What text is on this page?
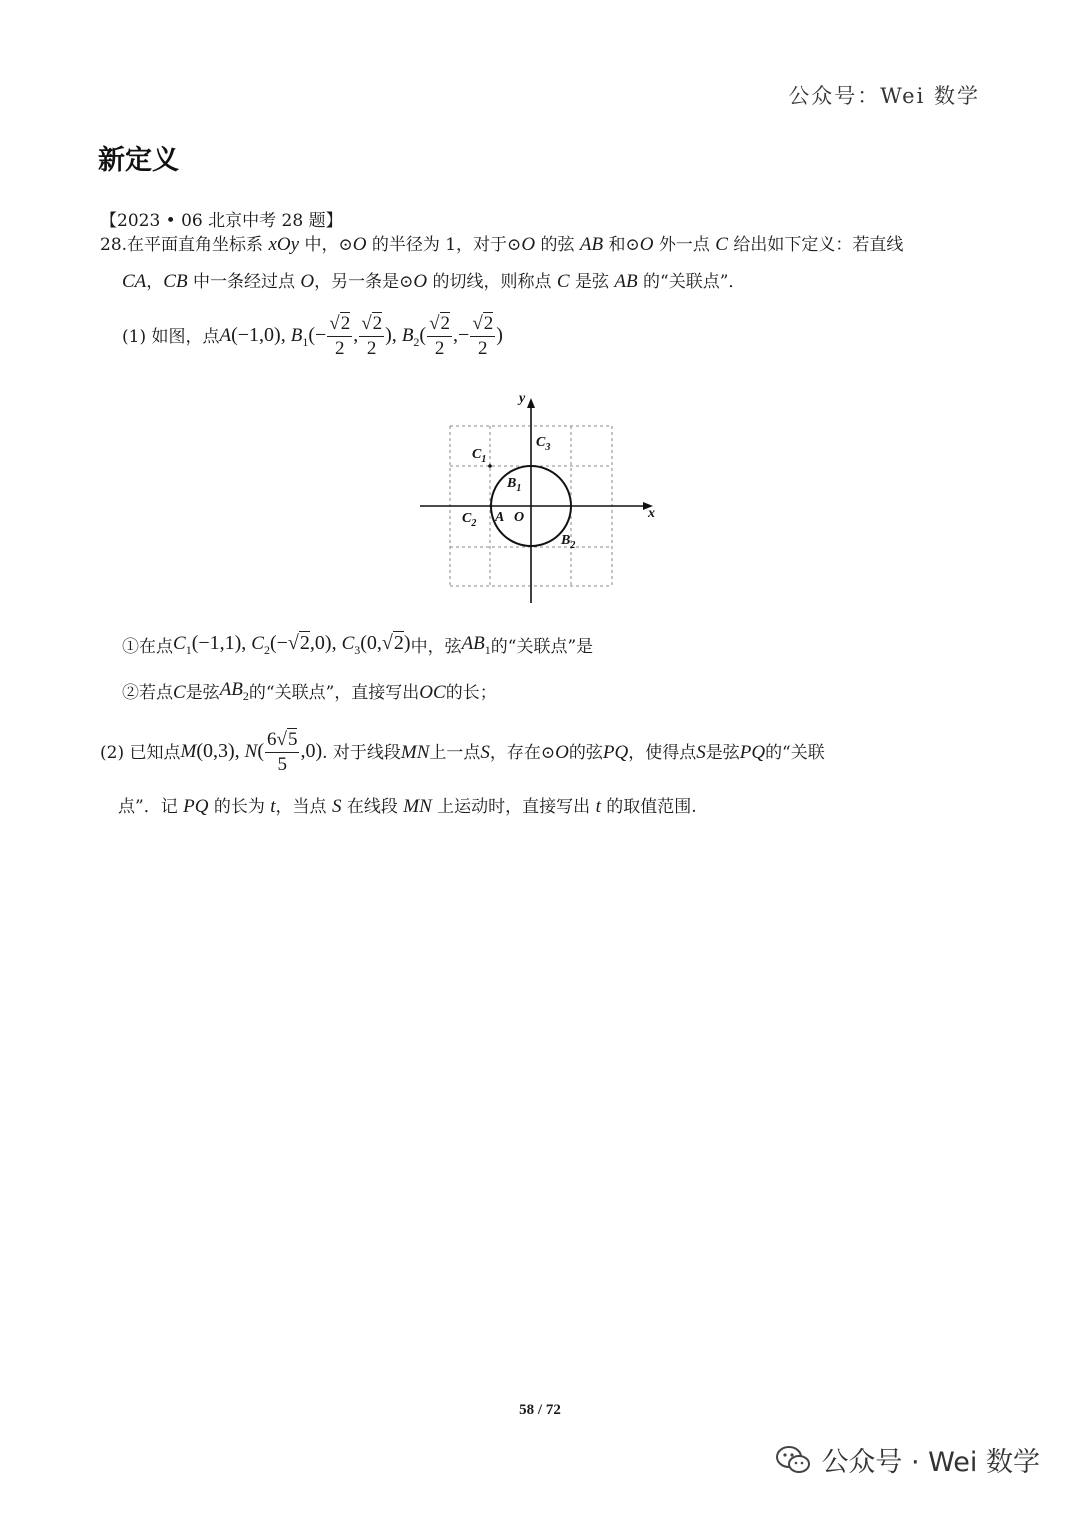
公众号：Wei 数学
新定义
【2023 • 06 北京中考 28 题】
28.在平面直角坐标系 xOy 中，⊙O 的半径为 1，对于⊙O 的弦 AB 和⊙O 外一点 C 给出如下定义：若直线
CA，CB 中一条经过点 O，另一条是⊙O 的切线，则称点 C 是弦 AB 的“关联点”．
(1) 如图，点 A(−1,0), $B_1(- \frac{√2}{2}$ , $\frac{√2}{2}$ ), $B_2( \frac{√2}{2}$ ,− $\frac{√2}{2}$ )
y
x
O
A
$B_1$
$B_2$
$C_1$
$C_2$
$C_3$
①在点 $C_1(-1,1)$, $C_2(-√2,0)$, $C_3(0,√2)$ 中，弦 $AB_1$ 的“关联点”是
②若点 C 是弦 $AB_2$ 的“关联点”，直接写出 OC 的长；
(2) 已知点 M(0,3), $N( \frac{6√5}{5} ,0)$ . 对于线段 MN 上一点 S ，存在⊙ O 的弦 PQ ，使得点 S 是弦 PQ 的“关联
点”．记 PQ 的长为 t，当点 S 在线段 MN 上运动时，直接写出 t 的取值范围.
58 / 72
公众号 · Wei 数学
